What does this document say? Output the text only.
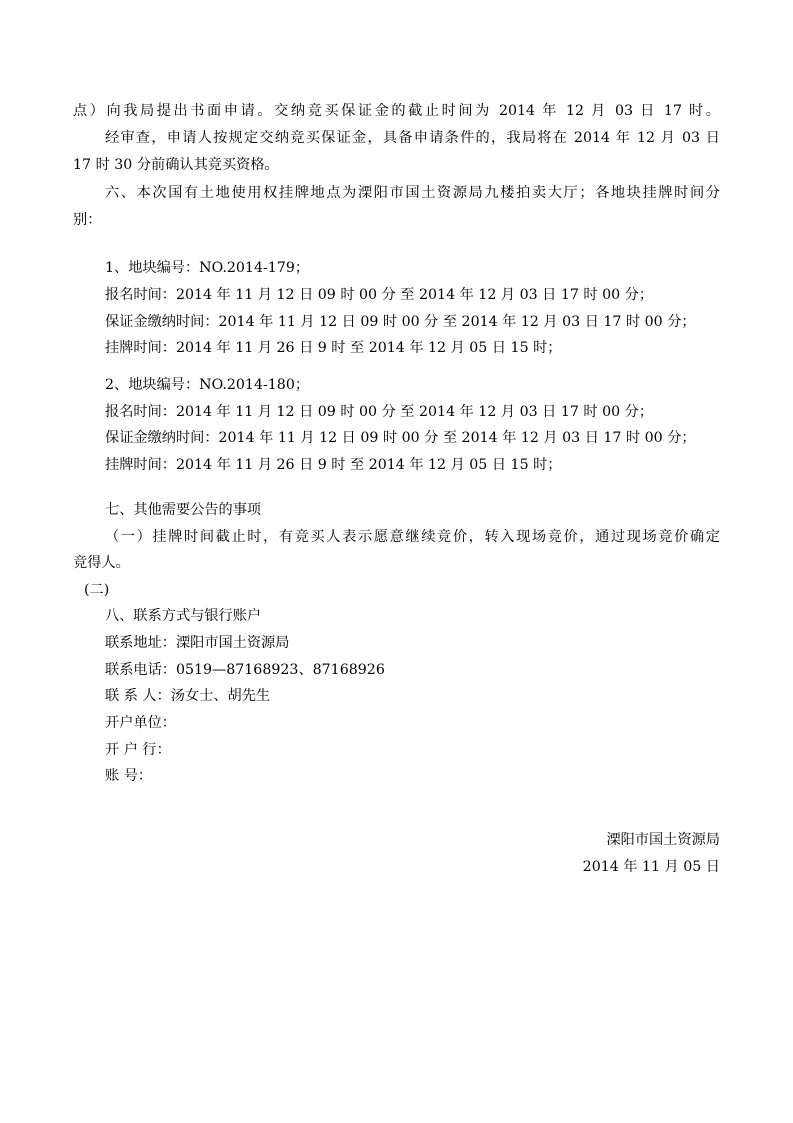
点）向我局提出书面申请。交纳竞买保证金的截止时间为 2014 年 12 月 03 日 17 时。
经审查，申请人按规定交纳竞买保证金，具备申请条件的，我局将在 2014 年 12 月 03 日
17 时 30 分前确认其竞买资格。
六、本次国有土地使用权挂牌地点为溧阳市国土资源局九楼拍卖大厅；各地块挂牌时间分
别：
1、地块编号：NO.2014-179；
报名时间：2014 年 11 月 12 日 09 时 00 分 至 2014 年 12 月 03 日 17 时 00 分；
保证金缴纳时间：2014 年 11 月 12 日 09 时 00 分 至 2014 年 12 月 03 日 17 时 00 分；
挂牌时间：2014 年 11 月 26 日 9 时 至 2014 年 12 月 05 日 15 时；
2、地块编号：NO.2014-180；
报名时间：2014 年 11 月 12 日 09 时 00 分 至 2014 年 12 月 03 日 17 时 00 分；
保证金缴纳时间：2014 年 11 月 12 日 09 时 00 分 至 2014 年 12 月 03 日 17 时 00 分；
挂牌时间：2014 年 11 月 26 日 9 时 至 2014 年 12 月 05 日 15 时；
七、其他需要公告的事项
（一）挂牌时间截止时，有竞买人表示愿意继续竞价，转入现场竞价，通过现场竞价确定
竞得人。
(二)
八、联系方式与银行账户
联系地址：溧阳市国土资源局
联系电话：0519—87168923、87168926
联 系 人：汤女士、胡先生
开户单位：
开 户 行：
账 号：
溧阳市国土资源局
2014 年 11 月 05 日
